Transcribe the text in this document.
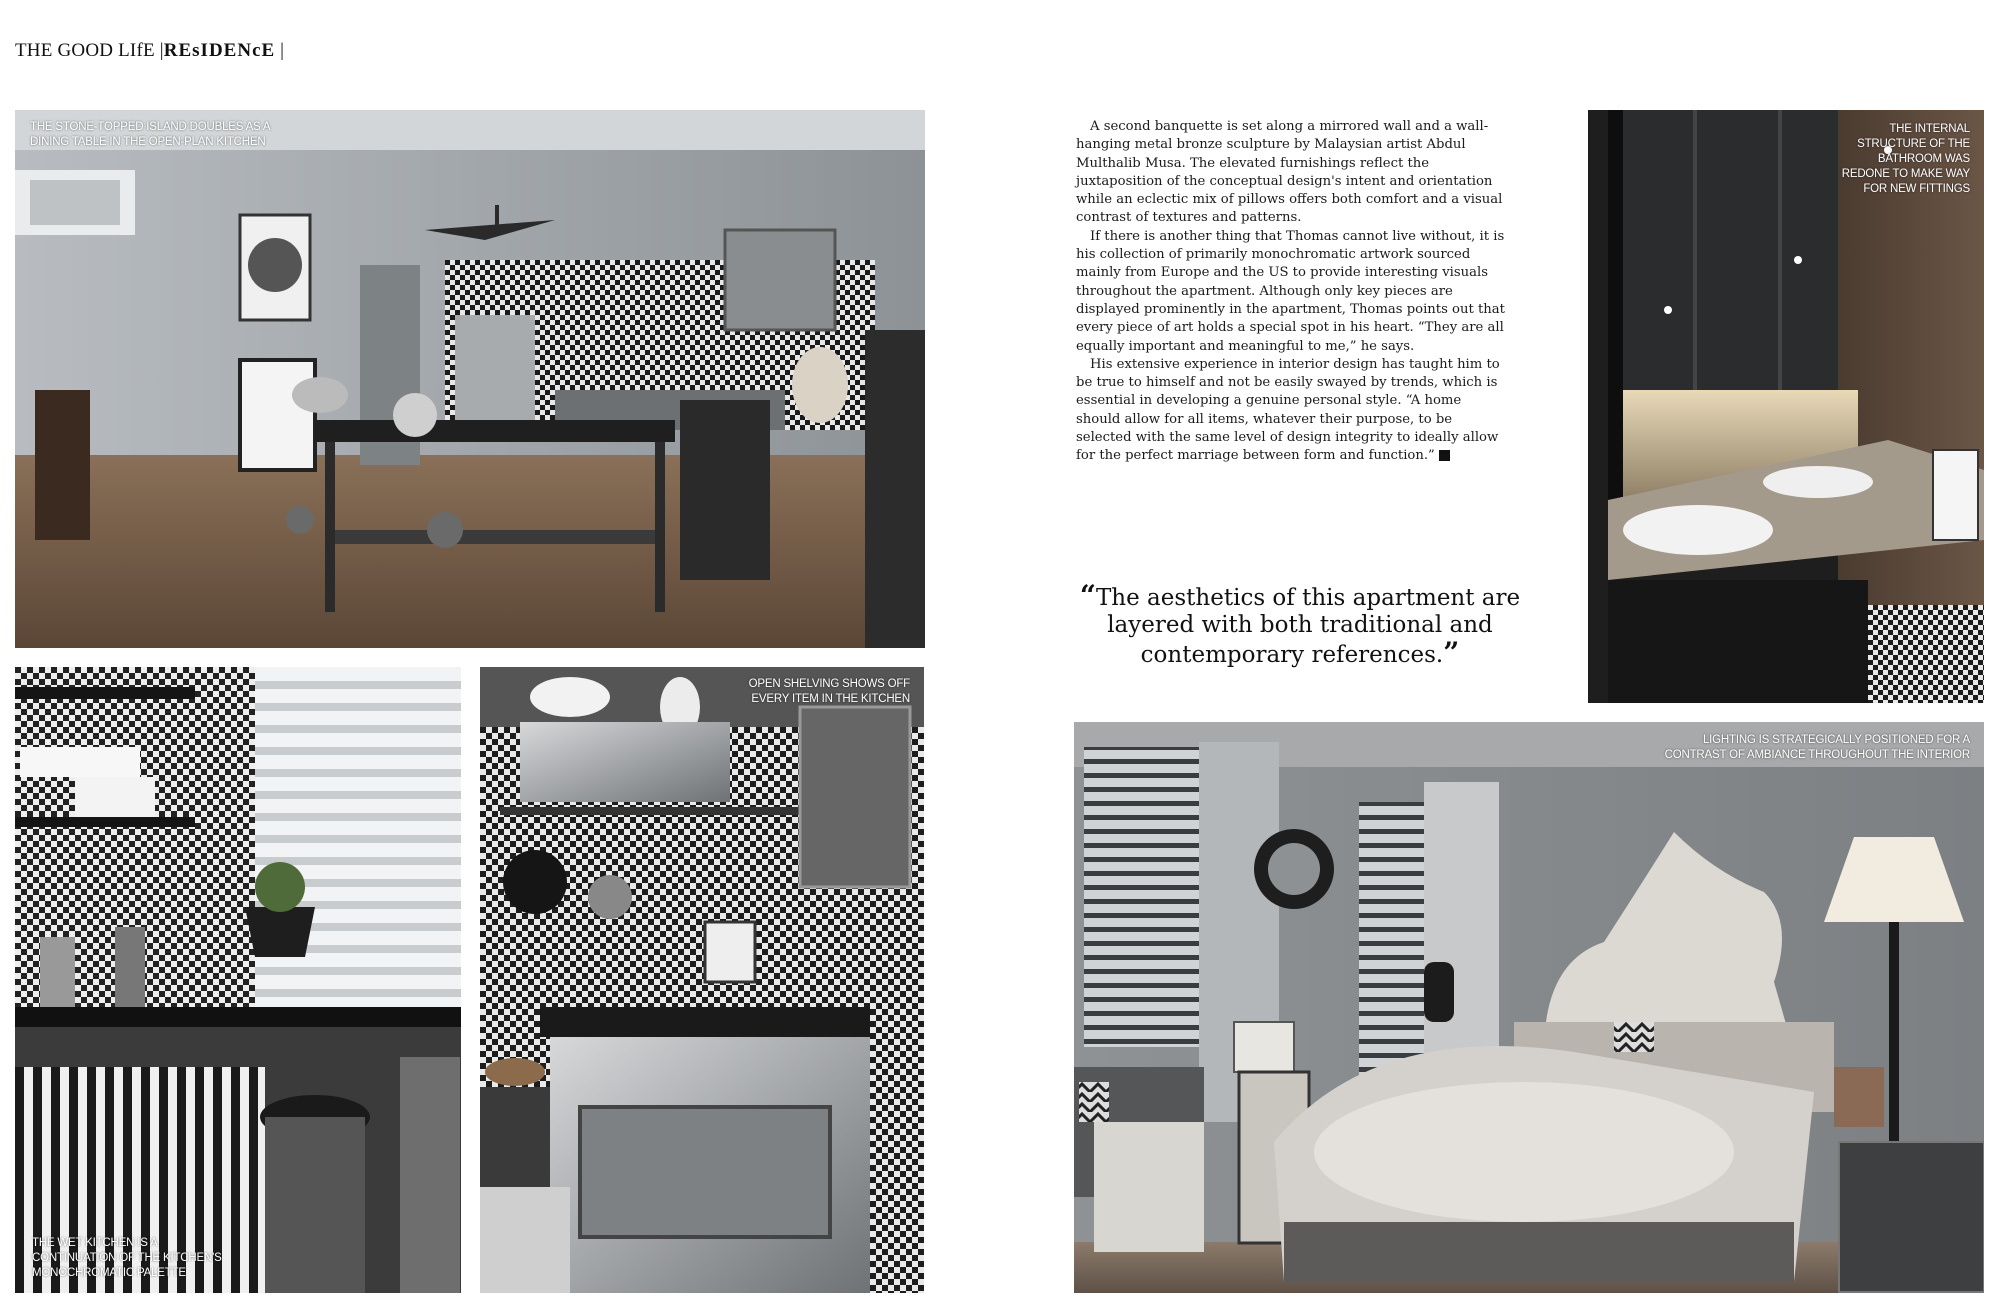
THE GOOD LIfE |REsIDENcE |
THE STONE-TOPPED ISLAND DOUBLES AS A DINING TABLE IN THE OPEN-PLAN KITCHEN
THE WET KITCHEN IS A CONTINUATION OF THE KITCHEN'S MONOCHROMATIC PALETTE
OPEN SHELVING SHOWS OFF EVERY ITEM IN THE KITCHEN
THE INTERNAL STRUCTURE OF THE BATHROOM WAS REDONE TO MAKE WAY FOR NEW FITTINGS
LIGHTING IS STRATEGICALLY POSITIONED FOR A CONTRAST OF AMBIANCE THROUGHOUT THE INTERIOR

A second banquette is set along a mirrored wall and a wall-hanging metal bronze sculpture by Malaysian artist Abdul Multhalib Musa. The elevated furnishings reflect the juxtaposition of the conceptual design's intent and orientation while an eclectic mix of pillows offers both comfort and a visual contrast of textures and patterns.

If there is another thing that Thomas cannot live without, it is his collection of primarily monochromatic artwork sourced mainly from Europe and the US to provide interesting visuals throughout the apartment. Although only key pieces are displayed prominently in the apartment, Thomas points out that every piece of art holds a special spot in his heart. “They are all equally important and meaningful to me,” he says.

His extensive experience in interior design has taught him to be true to himself and not be easily swayed by trends, which is essential in developing a genuine personal style. “A home should allow for all items, whatever their purpose, to be selected with the same level of design integrity to ideally allow for the perfect marriage between form and function.” P

“The aesthetics of this apartment are layered with both traditional and contemporary references.”
